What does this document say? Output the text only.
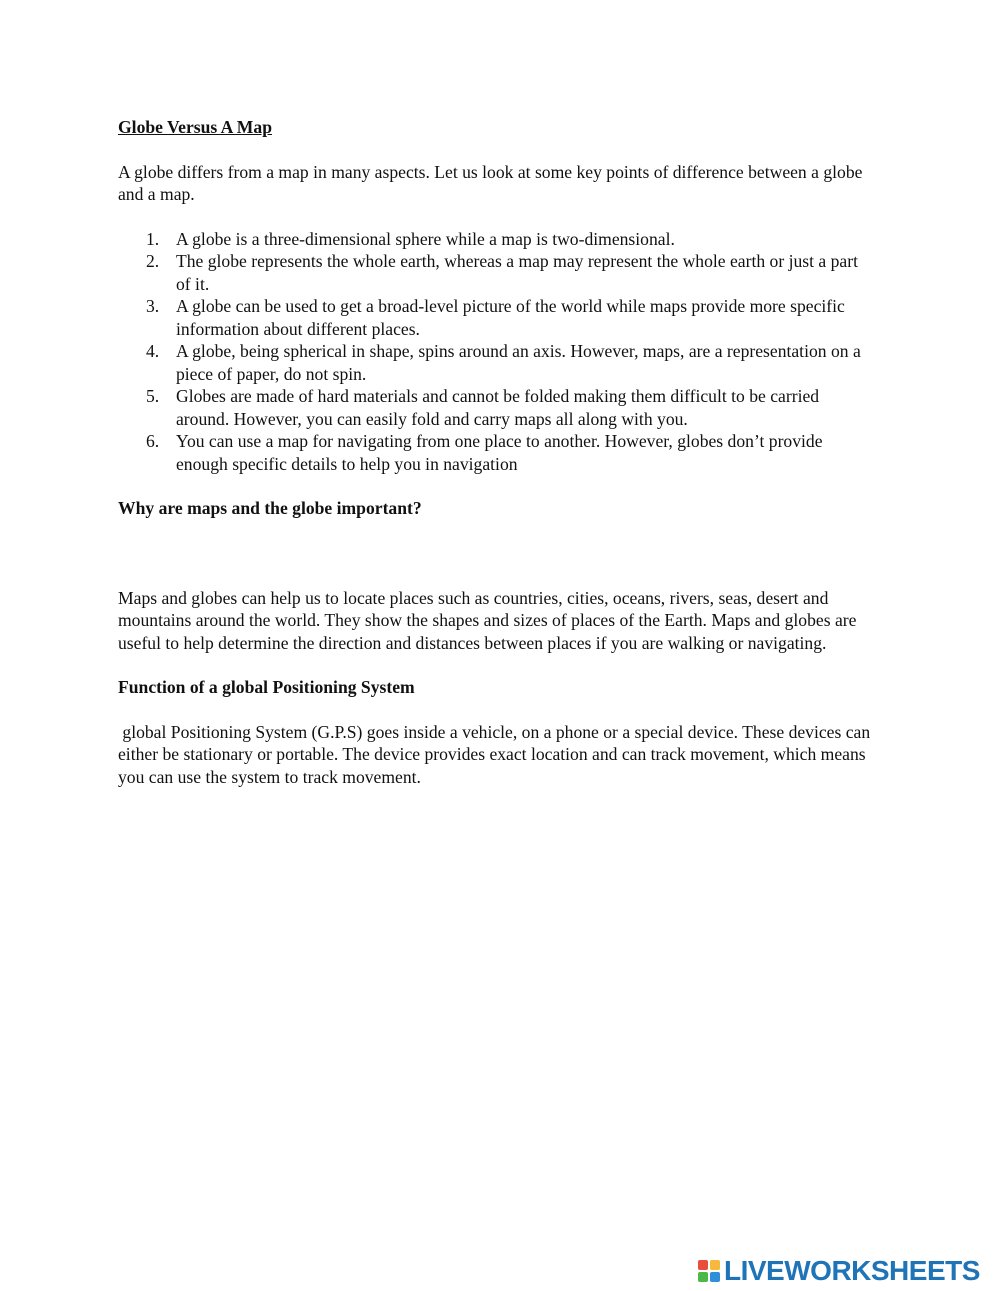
Globe Versus A Map

A globe differs from a map in many aspects. Let us look at some key points of difference between a globe and a map.

A globe is a three-dimensional sphere while a map is two-dimensional.
The globe represents the whole earth, whereas a map may represent the whole earth or just a part of it.
A globe can be used to get a broad-level picture of the world while maps provide more specific information about different places.
A globe, being spherical in shape, spins around an axis. However, maps, are a representation on a piece of paper, do not spin.
Globes are made of hard materials and cannot be folded making them difficult to be carried around. However, you can easily fold and carry maps all along with you.
You can use a map for navigating from one place to another. However, globes don’t provide enough specific details to help you in navigation
Why are maps and the globe important?

Maps and globes can help us to locate places such as countries, cities, oceans, rivers, seas, desert and mountains around the world. They show the shapes and sizes of places of the Earth. Maps and globes are useful to help determine the direction and distances between places if you are walking or navigating.

Function of a global Positioning System

global Positioning System (G.P.S) goes inside a vehicle, on a phone or a special device. These devices can either be stationary or portable. The device provides exact location and can track movement, which means you can use the system to track movement.

LIVEWORKSHEETS
